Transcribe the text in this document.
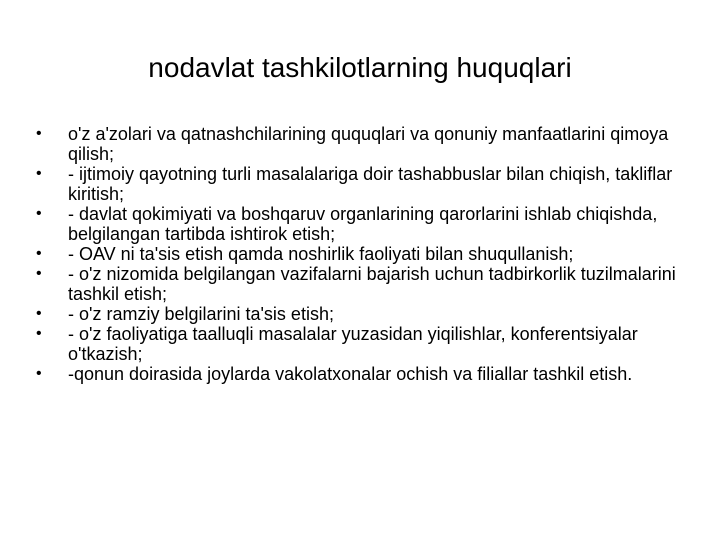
nodavlat tashkilotlarning huquqlari
•	o'z a'zolari va qatnashchilarining ququqlari va qonuniy manfaatlarini qimoya qilish;
•	- ijtimoiy qayotning turli masalalariga doir tashabbuslar bilan chiqish, takliflar kiritish;
•	- davlat qokimiyati va boshqaruv organlarining qarorlarini ishlab chiqishda, belgilangan tartibda ishtirok etish;
•	- OAV ni ta'sis etish qamda noshirlik faoliyati bilan shuqullanish;
•	- o'z nizomida belgilangan vazifalarni bajarish uchun tadbirkorlik tuzilmalarini tashkil etish;
•	- o'z ramziy belgilarini ta'sis etish;
•	- o'z faoliyatiga taalluqli masalalar yuzasidan yiqilishlar, konferentsiyalar o'tkazish;
•	-qonun doirasida joylarda vakolatxonalar ochish va filiallar tashkil etish.
